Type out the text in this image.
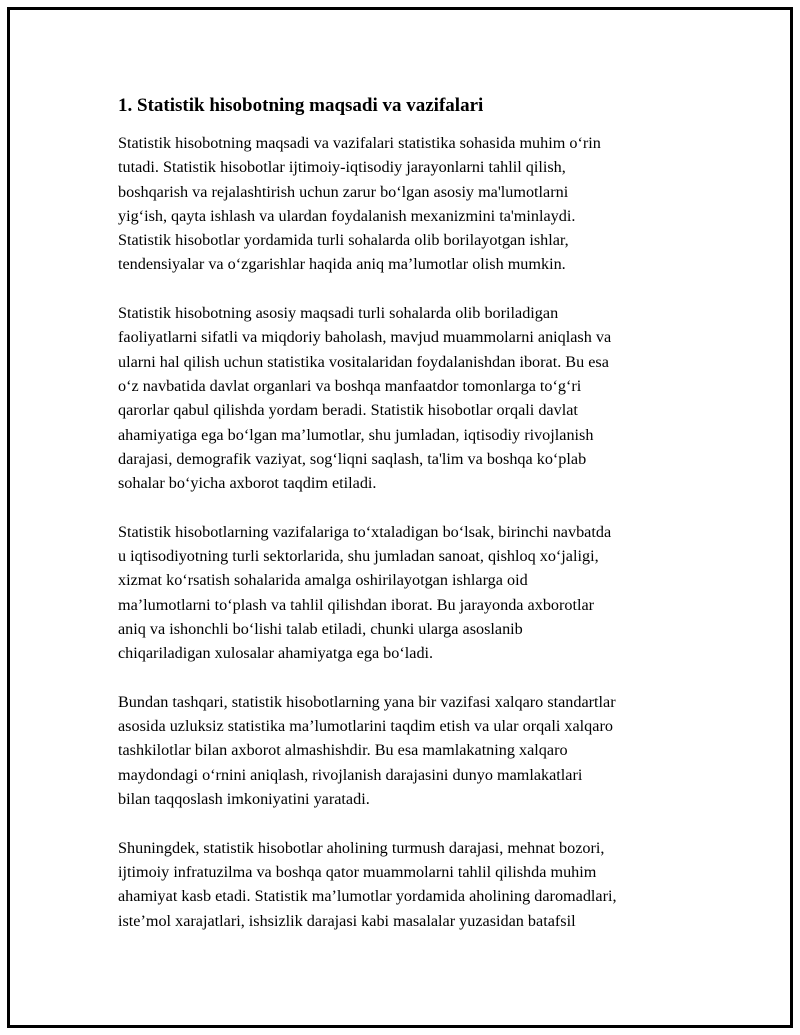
1. Statistik hisobotning maqsadi va vazifalari

Statistik hisobotning maqsadi va vazifalari statistika sohasida muhim o‘rin
tutadi. Statistik hisobotlar ijtimoiy-iqtisodiy jarayonlarni tahlil qilish,
boshqarish va rejalashtirish uchun zarur bo‘lgan asosiy ma'lumotlarni
yig‘ish, qayta ishlash va ulardan foydalanish mexanizmini ta'minlaydi.
Statistik hisobotlar yordamida turli sohalarda olib borilayotgan ishlar,
tendensiyalar va o‘zgarishlar haqida aniq ma’lumotlar olish mumkin.

Statistik hisobotning asosiy maqsadi turli sohalarda olib boriladigan
faoliyatlarni sifatli va miqdoriy baholash, mavjud muammolarni aniqlash va
ularni hal qilish uchun statistika vositalaridan foydalanishdan iborat. Bu esa
o‘z navbatida davlat organlari va boshqa manfaatdor tomonlarga to‘g‘ri
qarorlar qabul qilishda yordam beradi. Statistik hisobotlar orqali davlat
ahamiyatiga ega bo‘lgan ma’lumotlar, shu jumladan, iqtisodiy rivojlanish
darajasi, demografik vaziyat, sog‘liqni saqlash, ta'lim va boshqa ko‘plab
sohalar bo‘yicha axborot taqdim etiladi.

Statistik hisobotlarning vazifalariga to‘xtaladigan bo‘lsak, birinchi navbatda
u iqtisodiyotning turli sektorlarida, shu jumladan sanoat, qishloq xo‘jaligi,
xizmat ko‘rsatish sohalarida amalga oshirilayotgan ishlarga oid
ma’lumotlarni to‘plash va tahlil qilishdan iborat. Bu jarayonda axborotlar
aniq va ishonchli bo‘lishi talab etiladi, chunki ularga asoslanib
chiqariladigan xulosalar ahamiyatga ega bo‘ladi.

Bundan tashqari, statistik hisobotlarning yana bir vazifasi xalqaro standartlar
asosida uzluksiz statistika ma’lumotlarini taqdim etish va ular orqali xalqaro
tashkilotlar bilan axborot almashishdir. Bu esa mamlakatning xalqaro
maydondagi o‘rnini aniqlash, rivojlanish darajasini dunyo mamlakatlari
bilan taqqoslash imkoniyatini yaratadi.

Shuningdek, statistik hisobotlar aholining turmush darajasi, mehnat bozori,
ijtimoiy infratuzilma va boshqa qator muammolarni tahlil qilishda muhim
ahamiyat kasb etadi. Statistik ma’lumotlar yordamida aholining daromadlari,
iste’mol xarajatlari, ishsizlik darajasi kabi masalalar yuzasidan batafsil
